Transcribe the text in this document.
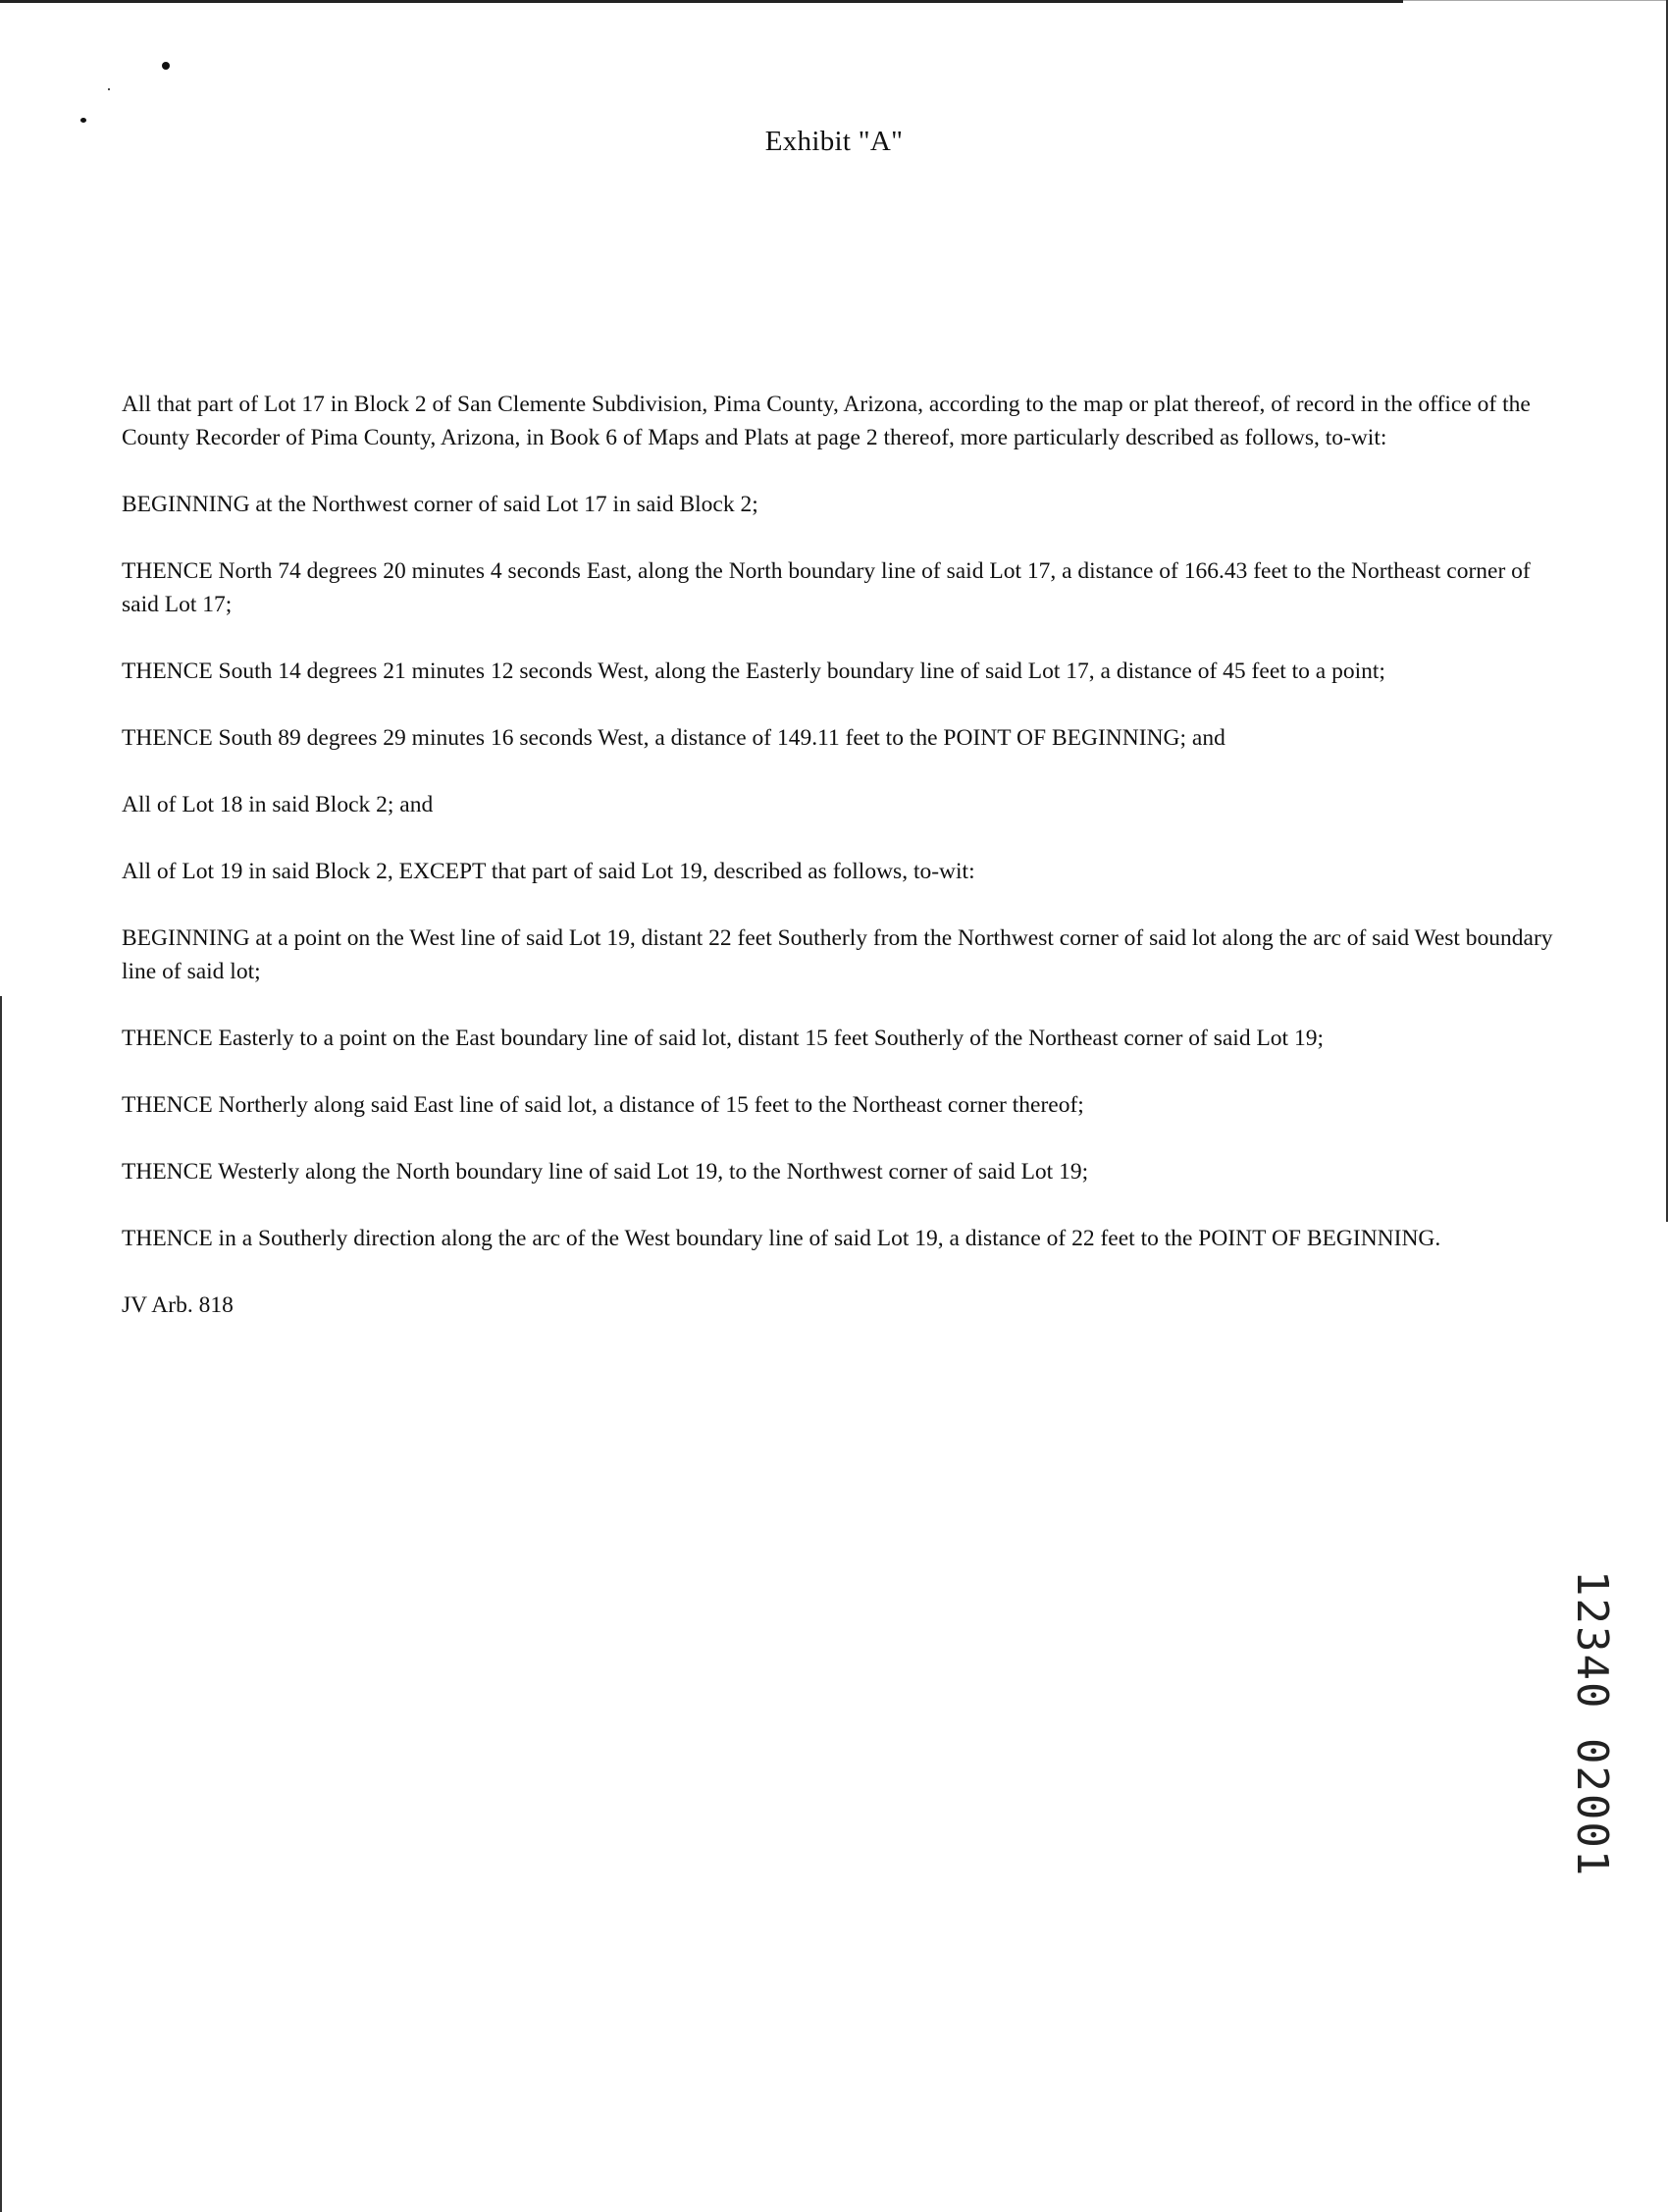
Exhibit "A"

All that part of Lot 17 in Block 2 of San Clemente Subdivision, Pima County, Arizona, according to the map or plat thereof, of record in the office of the County Recorder of Pima County, Arizona, in Book 6 of Maps and Plats at page 2 thereof, more particularly described as follows, to-wit:

BEGINNING at the Northwest corner of said Lot 17 in said Block 2;

THENCE North 74 degrees 20 minutes 4 seconds East, along the North boundary line of said Lot 17, a distance of 166.43 feet to the Northeast corner of said Lot 17;

THENCE South 14 degrees 21 minutes 12 seconds West, along the Easterly boundary line of said Lot 17, a distance of 45 feet to a point;

THENCE South 89 degrees 29 minutes 16 seconds West, a distance of 149.11 feet to the POINT OF BEGINNING; and

All of Lot 18 in said Block 2; and

All of Lot 19 in said Block 2, EXCEPT that part of said Lot 19, described as follows, to-wit:

BEGINNING at a point on the West line of said Lot 19, distant 22 feet Southerly from the Northwest corner of said lot along the arc of said West boundary line of said lot;

THENCE Easterly to a point on the East boundary line of said lot, distant 15 feet Southerly of the Northeast corner of said Lot 19;

THENCE Northerly along said East line of said lot, a distance of 15 feet to the Northeast corner thereof;

THENCE Westerly along the North boundary line of said Lot 19, to the Northwest corner of said Lot 19;

THENCE in a Southerly direction along the arc of the West boundary line of said Lot 19, a distance of 22 feet to the POINT OF BEGINNING.

JV Arb. 818

12340 02001
